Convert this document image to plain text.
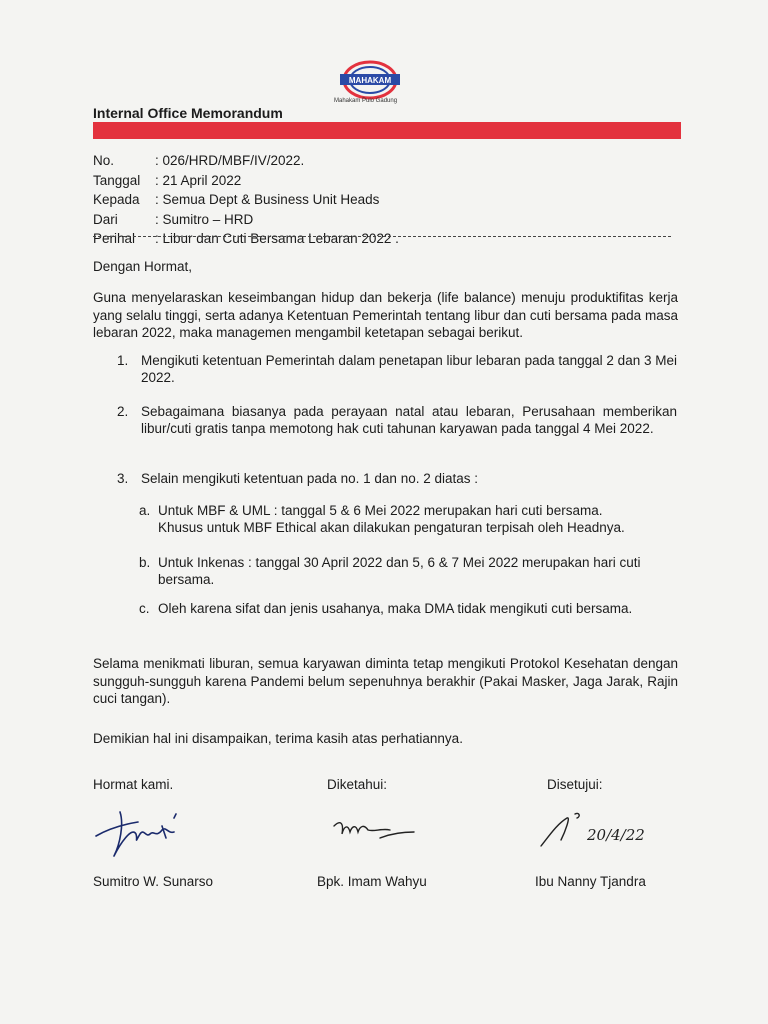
MAHAKAM
Mahakam Pulo Gadung
Internal Office Memorandum
No.	: 026/HRD/MBF/IV/2022.
Tanggal	: 21 April 2022
Kepada	: Semua Dept & Business Unit Heads
Dari	: Sumitro – HRD
Perihal	: Libur dan Cuti Bersama Lebaran 2022 .
Dengan Hormat,
Guna menyelaraskan keseimbangan hidup dan bekerja (life balance) menuju produktifitas kerja yang selalu tinggi, serta adanya Ketentuan Pemerintah tentang libur dan cuti bersama pada masa lebaran 2022, maka managemen mengambil ketetapan sebagai berikut.
1. Mengikuti ketentuan Pemerintah dalam penetapan libur lebaran pada tanggal 2 dan 3 Mei 2022.
2. Sebagaimana biasanya pada perayaan natal atau lebaran, Perusahaan memberikan libur/cuti gratis tanpa memotong hak cuti tahunan karyawan pada tanggal 4 Mei 2022.
3. Selain mengikuti ketentuan pada no. 1 dan no. 2 diatas :
a. Untuk MBF & UML : tanggal 5 & 6 Mei 2022 merupakan hari cuti bersama.
Khusus untuk MBF Ethical akan dilakukan pengaturan terpisah oleh Headnya.
b. Untuk Inkenas : tanggal 30 April 2022 dan 5, 6 & 7 Mei 2022 merupakan hari cuti
bersama.
c. Oleh karena sifat dan jenis usahanya, maka DMA tidak mengikuti cuti bersama.
Selama menikmati liburan, semua karyawan diminta tetap mengikuti Protokol Kesehatan dengan sungguh-sungguh karena Pandemi belum sepenuhnya berakhir (Pakai Masker, Jaga Jarak, Rajin cuci tangan).
Demikian hal ini disampaikan, terima kasih atas perhatiannya.
Hormat kami.	Diketahui:	Disetujui:
20/4/22
Sumitro W. Sunarso	Bpk. Imam Wahyu	Ibu Nanny Tjandra
